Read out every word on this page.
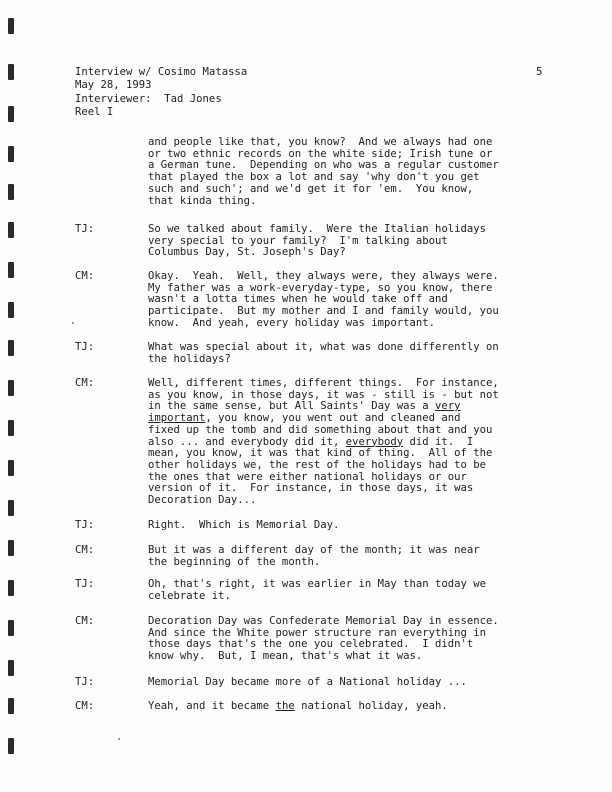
Interview w/ Cosimo Matassa
May 28, 1993
Interviewer:  Tad Jones
Reel I
5
and people like that, you know?  And we always had one
or two ethnic records on the white side; Irish tune or
a German tune.  Depending on who was a regular customer
that played the box a lot and say 'why don't you get
such and such'; and we'd get it for 'em.  You know,
that kinda thing.
TJ:	So we talked about family.  Were the Italian holidays
very special to your family?  I'm talking about
Columbus Day, St. Joseph's Day?
CM:	Okay.  Yeah.  Well, they always were, they always were.
My father was a work-everyday-type, so you know, there
wasn't a lotta times when he would take off and
participate.  But my mother and I and family would, you
know.  And yeah, every holiday was important.
TJ:	What was special about it, what was done differently on
the holidays?
CM:	Well, different times, different things.  For instance,
as you know, in those days, it was - still is - but not
in the same sense, but All Saints' Day was a very
important, you know, you went out and cleaned and
fixed up the tomb and did something about that and you
also ... and everybody did it, everybody did it.  I
mean, you know, it was that kind of thing.  All of the
other holidays we, the rest of the holidays had to be
the ones that were either national holidays or our
version of it.  For instance, in those days, it was
Decoration Day...
TJ:	Right.  Which is Memorial Day.
CM:	But it was a different day of the month; it was near
the beginning of the month.
TJ:	Oh, that's right, it was earlier in May than today we
celebrate it.
CM:	Decoration Day was Confederate Memorial Day in essence.
And since the White power structure ran everything in
those days that's the one you celebrated.  I didn't
know why.  But, I mean, that's what it was.
TJ:	Memorial Day became more of a National holiday ...
CM:	Yeah, and it became the national holiday, yeah.
